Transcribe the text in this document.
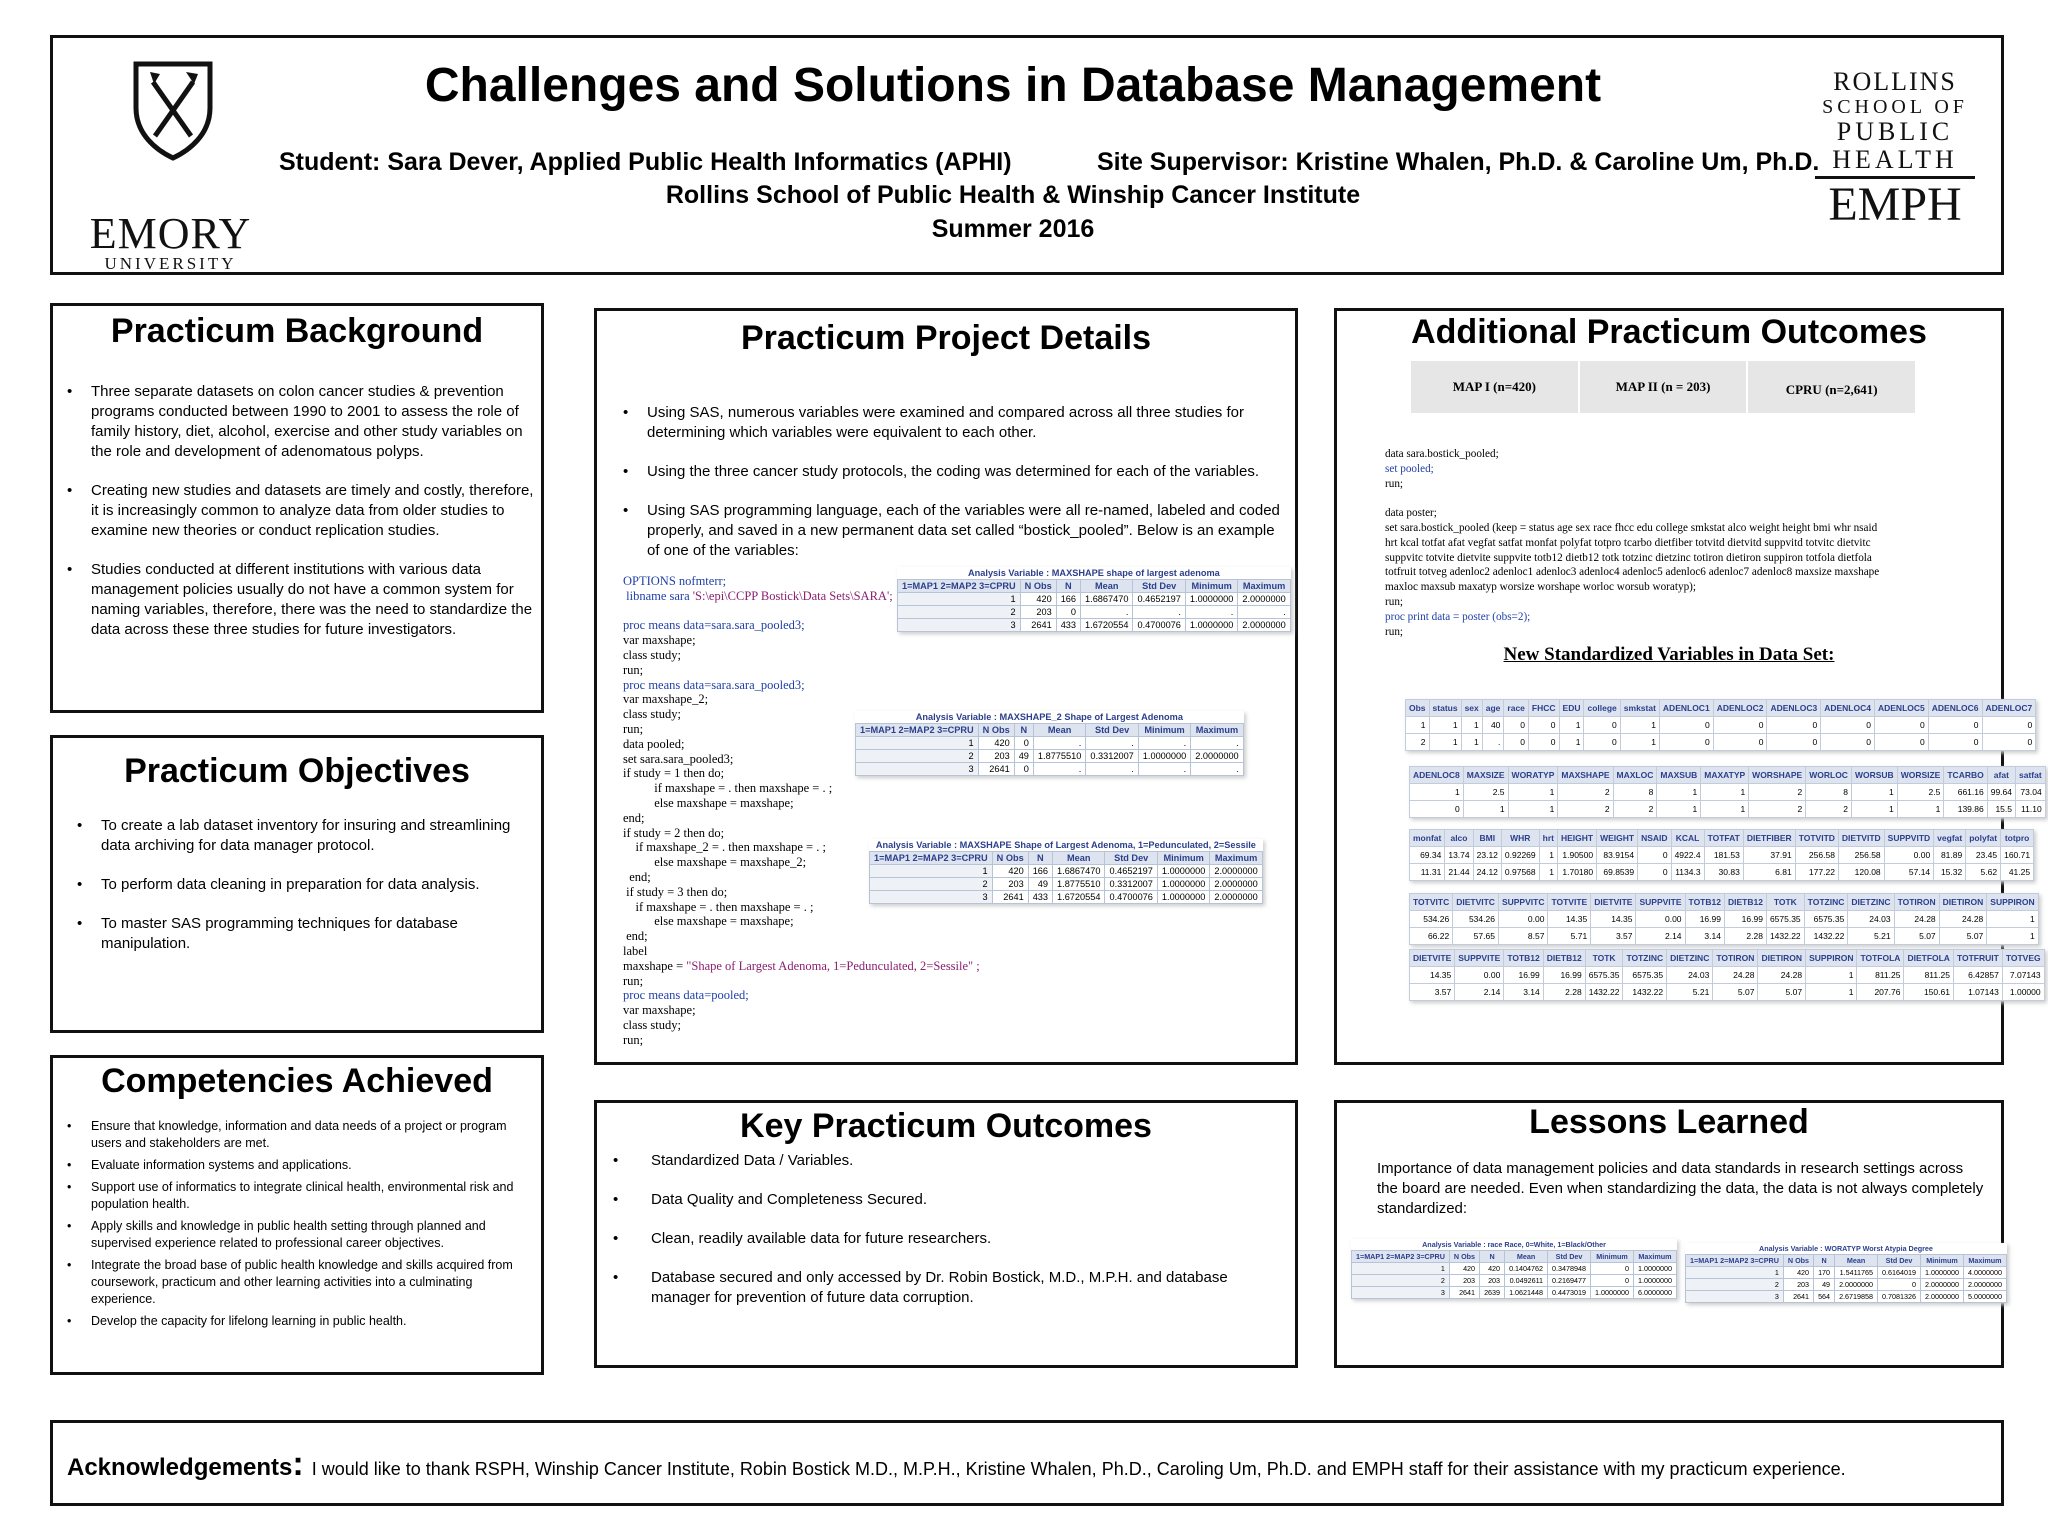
EMORY
UNIVERSITY
Challenges and Solutions in Database Management
Student: Sara Dever, Applied Public Health Informatics (APHI)	Site Supervisor: Kristine Whalen, Ph.D. & Caroline Um, Ph.D.
Rollins School of Public Health & Winship Cancer Institute
Summer 2016
ROLLINS
SCHOOL OF
PUBLIC
HEALTH
EMPH
Practicum Background
• Three separate datasets on colon cancer studies & prevention programs conducted between 1990 to 2001 to assess the role of family history, diet, alcohol, exercise and other study variables on the role and development of adenomatous polyps.
• Creating new studies and datasets are timely and costly, therefore, it is increasingly common to analyze data from older studies to examine new theories or conduct replication studies.
• Studies conducted at different institutions with various data management policies usually do not have a common system for naming variables, therefore, there was the need to standardize the data across these three studies for future investigators.
Practicum Objectives
• To create a lab dataset inventory for insuring and streamlining data archiving for data manager protocol.
• To perform data cleaning in preparation for data analysis.
• To master SAS programming techniques for database manipulation.
Competencies Achieved
• Ensure that knowledge, information and data needs of a project or program users and stakeholders are met.
• Evaluate information systems and applications.
• Support use of informatics to integrate clinical health, environmental risk and population health.
• Apply skills and knowledge in public health setting through planned and supervised experience related to professional career objectives.
• Integrate the broad base of public health knowledge and skills acquired from coursework, practicum and other learning activities into a culminating experience.
• Develop the capacity for lifelong learning in public health.
Practicum Project Details
• Using SAS, numerous variables were examined and compared across all three studies for determining which variables were equivalent to each other.
• Using the three cancer study protocols, the coding was determined for each of the variables.
• Using SAS programming language, each of the variables were all re-named, labeled and coded properly, and saved in a new permanent data set called “bostick_pooled”. Below is an example of one of the variables:
OPTIONS nofmterr;
libname sara 'S:\epi\CCPP Bostick\Data Sets\SARA';

proc means data=sara.sara_pooled3;
var maxshape;
class study;
run;
proc means data=sara.sara_pooled3;
var maxshape_2;
class study;
run;
data pooled;
set sara.sara_pooled3;
if study = 1 then do;
if maxshape = . then maxshape = . ;
else maxshape = maxshape;
end;
if study = 2 then do;
if maxshape_2 = . then maxshape = . ;
else maxshape = maxshape_2;
end;
if study = 3 then do;
if maxshape = . then maxshape = . ;
else maxshape = maxshape;
end;
label
maxshape = "Shape of Largest Adenoma, 1=Pedunculated, 2=Sessile" ;
run;
proc means data=pooled;
var maxshape;
class study;
run;
Analysis Variable : MAXSHAPE shape of largest adenoma						
1=MAP1 2=MAP2 3=CPRU	N Obs	N	Mean	Std Dev	Minimum	Maximum
1	420	166	1.6867470	0.4652197	1.0000000	2.0000000
2	203	0	.	.	.	.
3	2641	433	1.6720554	0.4700076	1.0000000	2.0000000
Analysis Variable : MAXSHAPE_2 Shape of Largest Adenoma						
1=MAP1 2=MAP2 3=CPRU	N Obs	N	Mean	Std Dev	Minimum	Maximum
1	420	0	.	.	.	.
2	203	49	1.8775510	0.3312007	1.0000000	2.0000000
3	2641	0	.	.	.	.
Analysis Variable : MAXSHAPE Shape of Largest Adenoma, 1=Pedunculated, 2=Sessile						
1=MAP1 2=MAP2 3=CPRU	N Obs	N	Mean	Std Dev	Minimum	Maximum
1	420	166	1.6867470	0.4652197	1.0000000	2.0000000
2	203	49	1.8775510	0.3312007	1.0000000	2.0000000
3	2641	433	1.6720554	0.4700076	1.0000000	2.0000000
Additional Practicum Outcomes
MAP I (n=420)	MAP II (n = 203)	CPRU (n=2,641)
data sara.bostick_pooled;
set pooled;
run;

data poster;
set sara.bostick_pooled (keep = status age sex race fhcc edu college smkstat alco weight height bmi whr nsaid
hrt kcal totfat afat vegfat satfat monfat polyfat totpro tcarbo dietfiber totvitd dietvitd suppvitd totvitc dietvitc
suppvitc totvite dietvite suppvite totb12 dietb12 totk totzinc dietzinc totiron dietiron suppiron totfola dietfola
totfruit totveg adenloc2 adenloc1 adenloc3 adenloc4 adenloc5 adenloc6 adenloc7 adenloc8 maxsize maxshape
maxloc maxsub maxatyp worsize worshape worloc worsub woratyp);
run;
proc print data = poster (obs=2);
run;
New Standardized Variables in Data Set:
Obs	status	sex	age	race	FHCC	EDU	college	smkstat	ADENLOC1	ADENLOC2	ADENLOC3	ADENLOC4	ADENLOC5	ADENLOC6	ADENLOC7
1	1	1	40	0	0	1	0	1	0	0	0	0	0	0	0
2	1	1	.	0	0	1	0	1	0	0	0	0	0	0	0
ADENLOC8	MAXSIZE	WORATYP	MAXSHAPE	MAXLOC	MAXSUB	MAXATYP	WORSHAPE	WORLOC	WORSUB	WORSIZE	TCARBO	afat	satfat
1	2.5	1	2	8	1	1	2	8	1	2.5	661.16	99.64	73.04
0	1	1	2	2	1	1	2	2	1	1	139.86	15.5	11.10
monfat	alco	BMI	WHR	hrt	HEIGHT	WEIGHT	NSAID	KCAL	TOTFAT	DIETFIBER	TOTVITD	DIETVITD	SUPPVITD	vegfat	polyfat	totpro
69.34	13.74	23.12	0.92269	1	1.90500	83.9154	0	4922.4	181.53	37.91	256.58	256.58	0.00	81.89	23.45	160.71
11.31	21.44	24.12	0.97568	1	1.70180	69.8539	0	1134.3	30.83	6.81	177.22	120.08	57.14	15.32	5.62	41.25
TOTVITC	DIETVITC	SUPPVITC	TOTVITE	DIETVITE	SUPPVITE	TOTB12	DIETB12	TOTK	TOTZINC	DIETZINC	TOTIRON	DIETIRON	SUPPIRON
534.26	534.26	0.00	14.35	14.35	0.00	16.99	16.99	6575.35	6575.35	24.03	24.28	24.28	1
66.22	57.65	8.57	5.71	3.57	2.14	3.14	2.28	1432.22	1432.22	5.21	5.07	5.07	1
DIETVITE	SUPPVITE	TOTB12	DIETB12	TOTK	TOTZINC	DIETZINC	TOTIRON	DIETIRON	SUPPIRON	TOTFOLA	DIETFOLA	TOTFRUIT	TOTVEG
14.35	0.00	16.99	16.99	6575.35	6575.35	24.03	24.28	24.28	1	811.25	811.25	6.42857	7.07143
3.57	2.14	3.14	2.28	1432.22	1432.22	5.21	5.07	5.07	1	207.76	150.61	1.07143	1.00000
Key Practicum Outcomes
• Standardized Data / Variables.
• Data Quality and Completeness Secured.
• Clean, readily available data for future researchers.
• Database secured and only accessed by Dr. Robin Bostick, M.D., M.P.H. and database manager for prevention of future data corruption.
Lessons Learned
Importance of data management policies and data standards in research settings across the board are needed. Even when standardizing the data, the data is not always completely standardized:
Analysis Variable : race Race, 0=White, 1=Black/Other						
1=MAP1 2=MAP2 3=CPRU	N Obs	N	Mean	Std Dev	Minimum	Maximum
1	420	420	0.1404762	0.3478948	0	1.0000000
2	203	203	0.0492611	0.2169477	0	1.0000000
3	2641	2639	1.0621448	0.4473019	1.0000000	6.0000000
Analysis Variable : WORATYP Worst Atypia Degree						
1=MAP1 2=MAP2 3=CPRU	N Obs	N	Mean	Std Dev	Minimum	Maximum
1	420	170	1.5411765	0.6164019	1.0000000	4.0000000
2	203	49	2.0000000	0	2.0000000	2.0000000
3	2641	564	2.6719858	0.7081326	2.0000000	5.0000000
Acknowledgements: I would like to thank RSPH, Winship Cancer Institute, Robin Bostick M.D., M.P.H., Kristine Whalen, Ph.D., Caroling Um, Ph.D. and EMPH staff for their assistance with my practicum experience.
